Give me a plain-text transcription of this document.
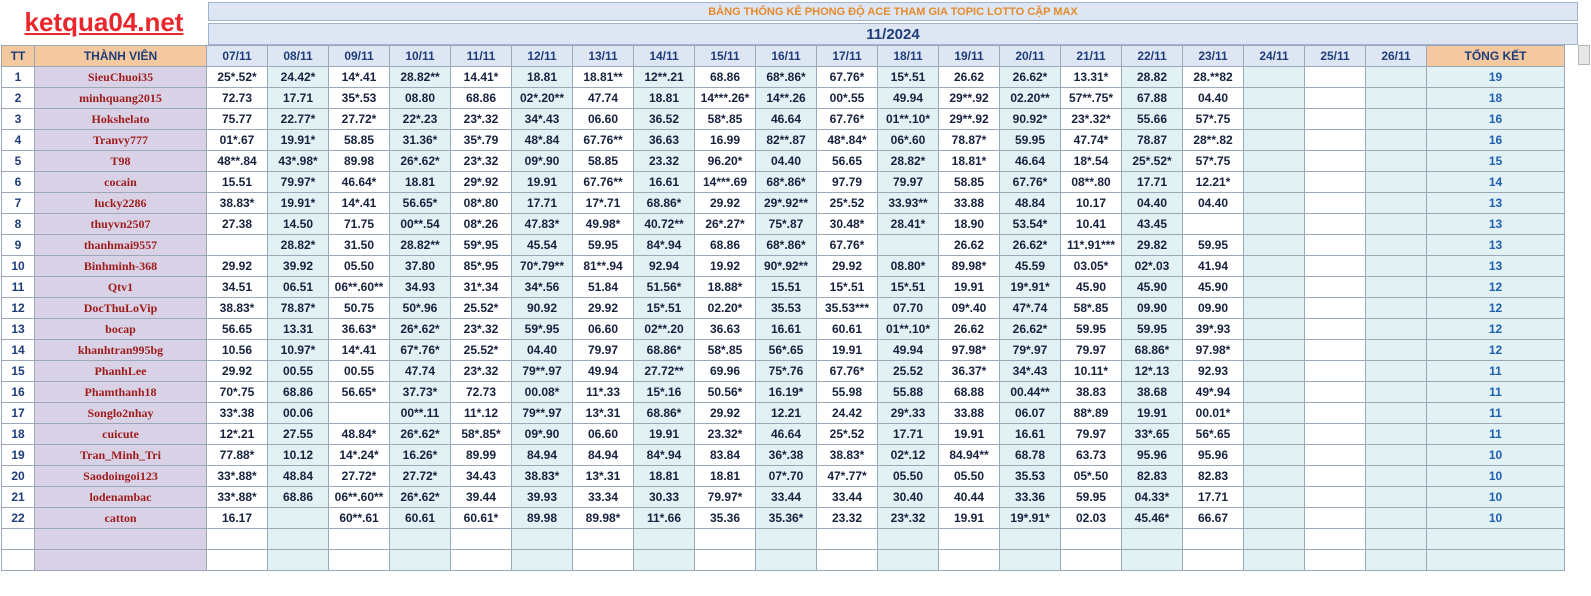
ketqua04.net	BẢNG THỐNG KÊ PHONG ĐỘ ACE THAM GIA TOPIC LOTTO CẶP MAX
11/2024
TT	THÀNH VIÊN	07/11	08/11	09/11	10/11	11/11	12/11	13/11	14/11	15/11	16/11	17/11	18/11	19/11	20/11	21/11	22/11	23/11	24/11	25/11	26/11	TỔNG KẾT
1	SieuChuoi35	25*.52*	24.42*	14*.41	28.82**	14.41*	18.81	18.81**	12**.21	68.86	68*.86*	67.76*	15*.51	26.62	26.62*	13.31*	28.82	28.**82				19
2	minhquang2015	72.73	17.71	35*.53	08.80	68.86	02*.20**	47.74	18.81	14***.26*	14**.26	00*.55	49.94	29**.92	02.20**	57**.75*	67.88	04.40				18
3	Hokshelato	75.77	22.77*	27.72*	22*.23	23*.32	34*.43	06.60	36.52	58*.85	46.64	67.76*	01**.10*	29**.92	90.92*	23*.32*	55.66	57*.75				16
4	Tranvy777	01*.67	19.91*	58.85	31.36*	35*.79	48*.84	67.76**	36.63	16.99	82**.87	48*.84*	06*.60	78.87*	59.95	47.74*	78.87	28**.82				16
5	T98	48**.84	43*.98*	89.98	26*.62*	23*.32	09*.90	58.85	23.32	96.20*	04.40	56.65	28.82*	18.81*	46.64	18*.54	25*.52*	57*.75				15
6	cocain	15.51	79.97*	46.64*	18.81	29*.92	19.91	67.76**	16.61	14***.69	68*.86*	97.79	79.97	58.85	67.76*	08**.80	17.71	12.21*				14
7	lucky2286	38.83*	19.91*	14*.41	56.65*	08*.80	17.71	17*.71	68.86*	29.92	29*.92**	25*.52	33.93**	33.88	48.84	10.17	04.40	04.40				13
8	thuyvn2507	27.38	14.50	71.75	00**.54	08*.26	47.83*	49.98*	40.72**	26*.27*	75*.87	30.48*	28.41*	18.90	53.54*	10.41	43.45					13
9	thanhmai9557		28.82*	31.50	28.82**	59*.95	45.54	59.95	84*.94	68.86	68*.86*	67.76*		26.62	26.62*	11*.91***	29.82	59.95				13
10	Binhminh-368	29.92	39.92	05.50	37.80	85*.95	70*.79**	81**.94	92.94	19.92	90*.92**	29.92	08.80*	89.98*	45.59	03.05*	02*.03	41.94				13
11	Qtv1	34.51	06.51	06**.60**	34.93	31*.34	34*.56	51.84	51.56*	18.88*	15.51	15*.51	15*.51	19.91	19*.91*	45.90	45.90	45.90				12
12	DocThuLoVip	38.83*	78.87*	50.75	50*.96	25.52*	90.92	29.92	15*.51	02.20*	35.53	35.53***	07.70	09*.40	47*.74	58*.85	09.90	09.90				12
13	bocap	56.65	13.31	36.63*	26*.62*	23*.32	59*.95	06.60	02**.20	36.63	16.61	60.61	01**.10*	26.62	26.62*	59.95	59.95	39*.93				12
14	khanhtran995bg	10.56	10.97*	14*.41	67*.76*	25.52*	04.40	79.97	68.86*	58*.85	56*.65	19.91	49.94	97.98*	79*.97	79.97	68.86*	97.98*				12
15	PhanhLee	29.92	00.55	00.55	47.74	23*.32	79**.97	49.94	27.72**	69.96	75*.76	67.76*	25.52	36.37*	34*.43	10.11*	12*.13	92.93				11
16	Phamthanh18	70*.75	68.86	56.65*	37.73*	72.73	00.08*	11*.33	15*.16	50.56*	16.19*	55.98	55.88	68.88	00.44**	38.83	38.68	49*.94				11
17	Songlo2nhay	33*.38	00.06		00**.11	11*.12	79**.97	13*.31	68.86*	29.92	12.21	24.42	29*.33	33.88	06.07	88*.89	19.91	00.01*				11
18	cuicute	12*.21	27.55	48.84*	26*.62*	58*.85*	09*.90	06.60	19.91	23.32*	46.64	25*.52	17.71	19.91	16.61	79.97	33*.65	56*.65				11
19	Tran_Minh_Tri	77.88*	10.12	14*.24*	16.26*	89.99	84.94	84.94	84*.94	83.84	36*.38	38.83*	02*.12	84.94**	68.78	63.73	95.96	95.96				10
20	Saodoingoi123	33*.88*	48.84	27.72*	27.72*	34.43	38.83*	13*.31	18.81	18.81	07*.70	47*.77*	05.50	05.50	35.53	05*.50	82.83	82.83				10
21	lodenambac	33*.88*	68.86	06**.60**	26*.62*	39.44	39.93	33.34	30.33	79.97*	33.44	33.44	30.40	40.44	33.36	59.95	04.33*	17.71				10
22	catton	16.17		60**.61	60.61	60.61*	89.98	89.98*	11*.66	35.36	35.36*	23.32	23*.32	19.91	19*.91*	02.03	45.46*	66.67				10
